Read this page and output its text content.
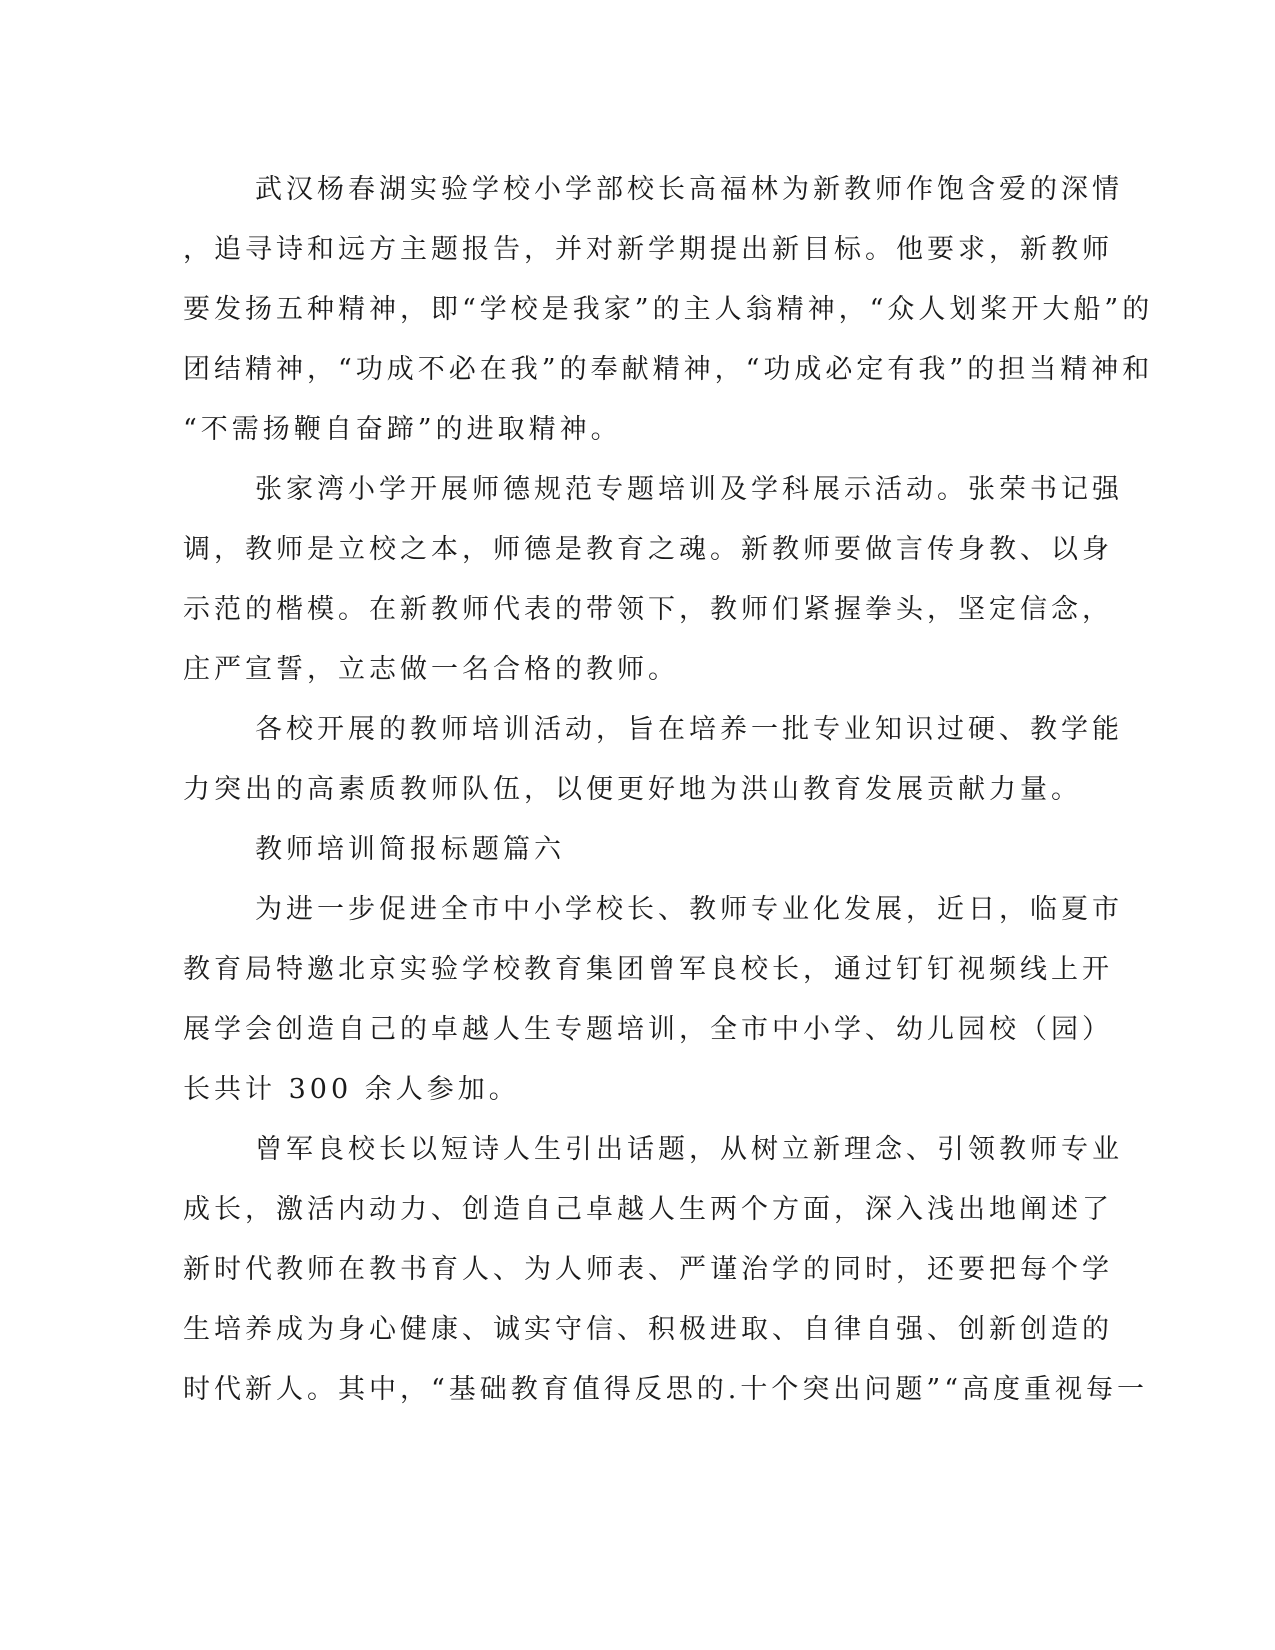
武汉杨春湖实验学校小学部校长高福林为新教师作饱含爱的深情
，追寻诗和远方主题报告，并对新学期提出新目标。他要求，新教师
要发扬五种精神，即“学校是我家”的主人翁精神，“众人划桨开大船”的
团结精神，“功成不必在我”的奉献精神，“功成必定有我”的担当精神和
“不需扬鞭自奋蹄”的进取精神。
张家湾小学开展师德规范专题培训及学科展示活动。张荣书记强
调，教师是立校之本，师德是教育之魂。新教师要做言传身教、以身
示范的楷模。在新教师代表的带领下，教师们紧握拳头，坚定信念，
庄严宣誓，立志做一名合格的教师。
各校开展的教师培训活动，旨在培养一批专业知识过硬、教学能
力突出的高素质教师队伍，以便更好地为洪山教育发展贡献力量。
教师培训简报标题篇六
为进一步促进全市中小学校长、教师专业化发展，近日，临夏市
教育局特邀北京实验学校教育集团曾军良校长，通过钉钉视频线上开
展学会创造自己的卓越人生专题培训，全市中小学、幼儿园校（园）
长共计 300 余人参加。
曾军良校长以短诗人生引出话题，从树立新理念、引领教师专业
成长，激活内动力、创造自己卓越人生两个方面，深入浅出地阐述了
新时代教师在教书育人、为人师表、严谨治学的同时，还要把每个学
生培养成为身心健康、诚实守信、积极进取、自律自强、创新创造的
时代新人。其中，“基础教育值得反思的.十个突出问题”“高度重视每一
